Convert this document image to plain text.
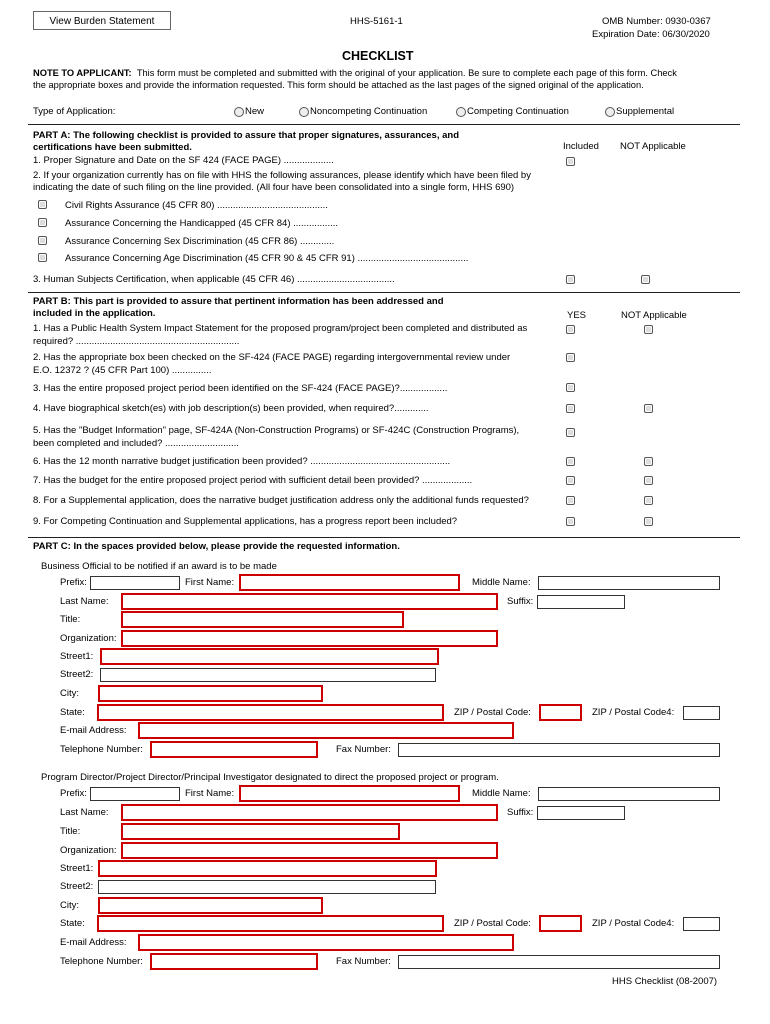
View Burden Statement	HHS-5161-1	OMB Number: 0930-0367
Expiration Date: 06/30/2020
CHECKLIST
NOTE TO APPLICANT: This form must be completed and submitted with the original of your application. Be sure to complete each page of this form. Check
the appropriate boxes and provide the information requested. This form should be attached as the last pages of the signed original of the application.
Type of Application:	New	Noncompeting Continuation	Competing Continuation	Supplemental
PART A: The following checklist is provided to assure that proper signatures, assurances, and
certifications have been submitted.	Included NOT Applicable
1. Proper Signature and Date on the SF 424 (FACE PAGE) ...................
2. If your organization currently has on file with HHS the following assurances, please identify which have been filed by
indicating the date of such filing on the line provided. (All four have been consolidated into a single form, HHS 690)
Civil Rights Assurance (45 CFR 80) ..........................................
Assurance Concerning the Handicapped (45 CFR 84) .................
Assurance Concerning Sex Discrimination (45 CFR 86) .............
Assurance Concerning Age Discrimination (45 CFR 90 & 45 CFR 91) ..........................................
3. Human Subjects Certification, when applicable (45 CFR 46) .....................................
PART B: This part is provided to assure that pertinent information has been addressed and
included in the application.	YES	NOT Applicable
1. Has a Public Health System Impact Statement for the proposed program/project been completed and distributed as
required? ..............................................................
2. Has the appropriate box been checked on the SF-424 (FACE PAGE) regarding intergovernmental review under
E.O. 12372 ? (45 CFR Part 100) ...............
3. Has the entire proposed project period been identified on the SF-424 (FACE PAGE)?..................
4. Have biographical sketch(es) with job description(s) been provided, when required?.............
5. Has the "Budget Information" page, SF-424A (Non-Construction Programs) or SF-424C (Construction Programs),
been completed and included? ............................
6. Has the 12 month narrative budget justification been provided? .....................................................
7. Has the budget for the entire proposed project period with sufficient detail been provided? ...................
8. For a Supplemental application, does the narrative budget justification address only the additional funds requested?
9. For Competing Continuation and Supplemental applications, has a progress report been included?
PART C: In the spaces provided below, please provide the requested information.
Business Official to be notified if an award is to be made
Prefix:	First Name:	Middle Name:
Last Name:	Suffix:
Title:
Organization:
Street1:
Street2:
City:
State:	ZIP / Postal Code:	ZIP / Postal Code4:
E-mail Address:
Telephone Number:	Fax Number:
Program Director/Project Director/Principal Investigator designated to direct the proposed project or program.
Prefix:	First Name:	Middle Name:
Last Name:	Suffix:
Title:
Organization:
Street1:
Street2:
City:
State:	ZIP / Postal Code:	ZIP / Postal Code4:
E-mail Address:
Telephone Number:	Fax Number:
HHS Checklist (08-2007)
